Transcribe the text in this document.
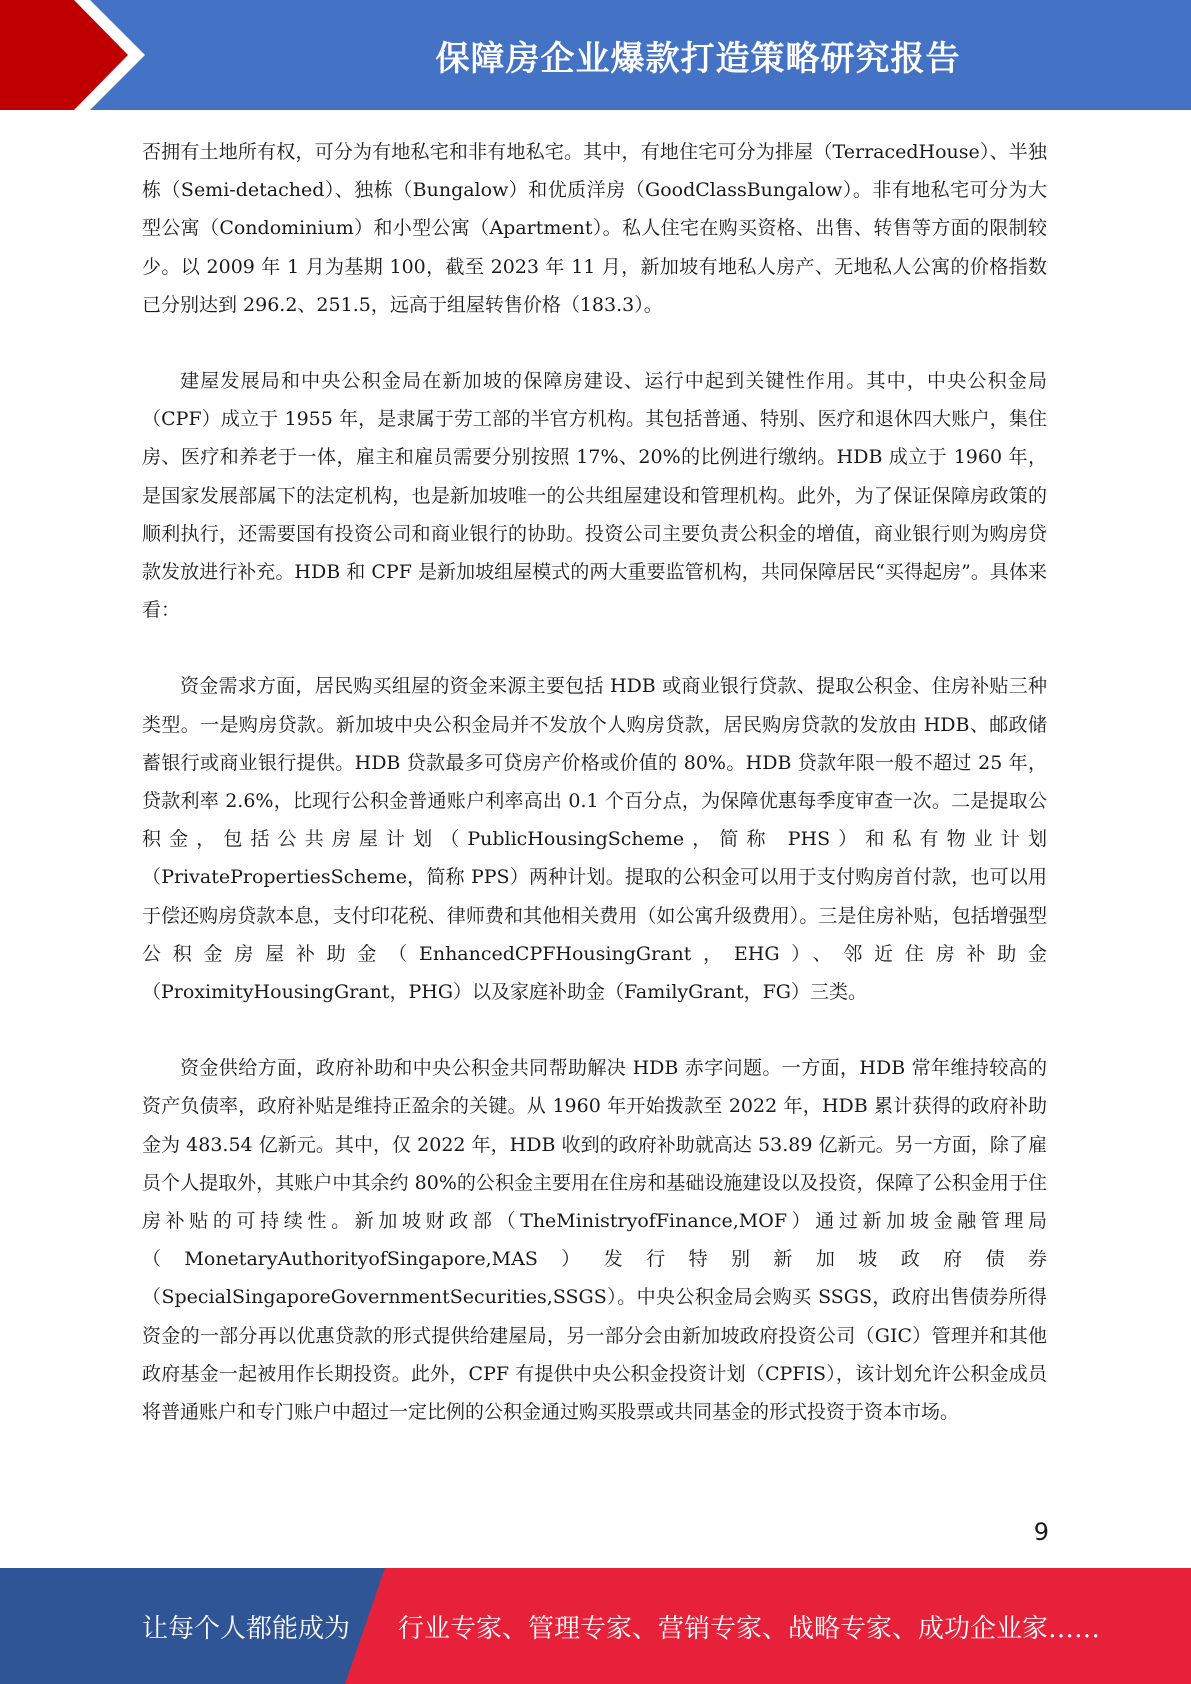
保障房企业爆款打造策略研究报告

否拥有土地所有权，可分为有地私宅和非有地私宅。其中，有地住宅可分为排屋（TerracedHouse）、半独栋（Semi-detached）、独栋（Bungalow）和优质洋房（GoodClassBungalow）。非有地私宅可分为大型公寓（Condominium）和小型公寓（Apartment）。私人住宅在购买资格、出售、转售等方面的限制较少。以 2009 年 1 月为基期 100，截至 2023 年 11 月，新加坡有地私人房产、无地私人公寓的价格指数已分别达到 296.2、251.5，远高于组屋转售价格（183.3）。

建屋发展局和中央公积金局在新加坡的保障房建设、运行中起到关键性作用。其中，中央公积金局（CPF）成立于 1955 年，是隶属于劳工部的半官方机构。其包括普通、特别、医疗和退休四大账户，集住房、医疗和养老于一体，雇主和雇员需要分别按照 17%、20%的比例进行缴纳。HDB 成立于 1960 年，是国家发展部属下的法定机构，也是新加坡唯一的公共组屋建设和管理机构。此外，为了保证保障房政策的顺利执行，还需要国有投资公司和商业银行的协助。投资公司主要负责公积金的增值，商业银行则为购房贷款发放进行补充。HDB 和 CPF 是新加坡组屋模式的两大重要监管机构，共同保障居民“买得起房”。具体来看：

资金需求方面，居民购买组屋的资金来源主要包括 HDB 或商业银行贷款、提取公积金、住房补贴三种类型。一是购房贷款。新加坡中央公积金局并不发放个人购房贷款，居民购房贷款的发放由 HDB、邮政储蓄银行或商业银行提供。HDB 贷款最多可贷房产价格或价值的 80%。HDB 贷款年限一般不超过 25 年，贷款利率 2.6%，比现行公积金普通账户利率高出 0.1 个百分点，为保障优惠每季度审查一次。二是提取公积金，包括公共房屋计划（PublicHousingScheme，简称 PHS）和私有物业计划（PrivatePropertiesScheme，简称 PPS）两种计划。提取的公积金可以用于支付购房首付款，也可以用于偿还购房贷款本息，支付印花税、律师费和其他相关费用（如公寓升级费用）。三是住房补贴，包括增强型公积金房屋补助金（EnhancedCPFHousingGrant，EHG）、邻近住房补助金（ProximityHousingGrant，PHG）以及家庭补助金（FamilyGrant，FG）三类。

资金供给方面，政府补助和中央公积金共同帮助解决 HDB 赤字问题。一方面，HDB 常年维持较高的资产负债率，政府补贴是维持正盈余的关键。从 1960 年开始拨款至 2022 年，HDB 累计获得的政府补助金为 483.54 亿新元。其中，仅 2022 年，HDB 收到的政府补助就高达 53.89 亿新元。另一方面，除了雇员个人提取外，其账户中其余约 80%的公积金主要用在住房和基础设施建设以及投资，保障了公积金用于住房补贴的可持续性。新加坡财政部（TheMinistryofFinance,MOF）通过新加坡金融管理局（MonetaryAuthorityofSingapore,MAS）发行特别新加坡政府债券（SpecialSingaporeGovernmentSecurities,SSGS）。中央公积金局会购买 SSGS，政府出售债券所得资金的一部分再以优惠贷款的形式提供给建屋局，另一部分会由新加坡政府投资公司（GIC）管理并和其他政府基金一起被用作长期投资。此外，CPF 有提供中央公积金投资计划（CPFIS），该计划允许公积金成员将普通账户和专门账户中超过一定比例的公积金通过购买股票或共同基金的形式投资于资本市场。

9
让每个人都能成为 行业专家、管理专家、营销专家、战略专家、成功企业家……
